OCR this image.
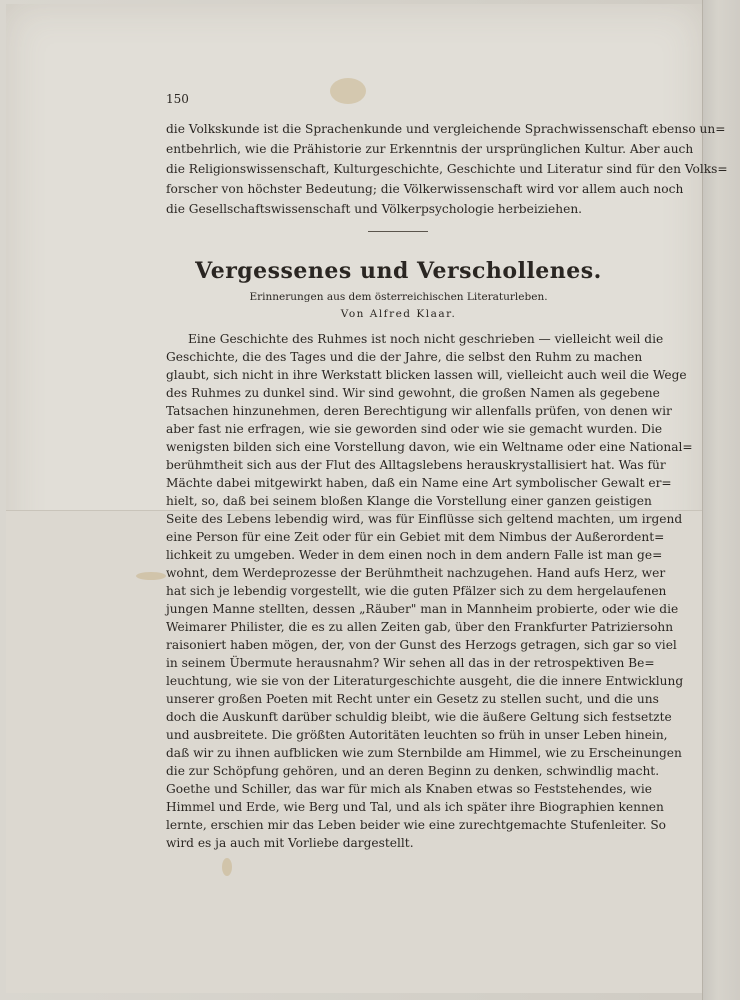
150
die Volkskunde ist die Sprachenkunde und vergleichende Sprachwissenschaft ebenso un=
entbehrlich, wie die Prähistorie zur Erkenntnis der ursprünglichen Kultur. Aber auch
die Religionswissenschaft, Kulturgeschichte, Geschichte und Literatur sind für den Volks=
forscher von höchster Bedeutung; die Völkerwissenschaft wird vor allem auch noch
die Gesellschaftswissenschaft und Völkerpsychologie herbeiziehen.
Vergessenes und Verschollenes.
Erinnerungen aus dem österreichischen Literaturleben.
Von Alfred Klaar.
Eine Geschichte des Ruhmes ist noch nicht geschrieben — vielleicht weil die
Geschichte, die des Tages und die der Jahre, die selbst den Ruhm zu machen
glaubt, sich nicht in ihre Werkstatt blicken lassen will, vielleicht auch weil die Wege
des Ruhmes zu dunkel sind. Wir sind gewohnt, die großen Namen als gegebene
Tatsachen hinzunehmen, deren Berechtigung wir allenfalls prüfen, von denen wir
aber fast nie erfragen, wie sie geworden sind oder wie sie gemacht wurden. Die
wenigsten bilden sich eine Vorstellung davon, wie ein Weltname oder eine National=
berühmtheit sich aus der Flut des Alltagslebens herauskrystallisiert hat. Was für
Mächte dabei mitgewirkt haben, daß ein Name eine Art symbolischer Gewalt er=
hielt, so, daß bei seinem bloßen Klange die Vorstellung einer ganzen geistigen
Seite des Lebens lebendig wird, was für Einflüsse sich geltend machten, um irgend
eine Person für eine Zeit oder für ein Gebiet mit dem Nimbus der Außerordent=
lichkeit zu umgeben. Weder in dem einen noch in dem andern Falle ist man ge=
wohnt, dem Werdeprozesse der Berühmtheit nachzugehen. Hand aufs Herz, wer
hat sich je lebendig vorgestellt, wie die guten Pfälzer sich zu dem hergelaufenen
jungen Manne stellten, dessen „Räuber" man in Mannheim probierte, oder wie die
Weimarer Philister, die es zu allen Zeiten gab, über den Frankfurter Patriziersohn
raisoniert haben mögen, der, von der Gunst des Herzogs getragen, sich gar so viel
in seinem Übermute herausnahm? Wir sehen all das in der retrospektiven Be=
leuchtung, wie sie von der Literaturgeschichte ausgeht, die die innere Entwicklung
unserer großen Poeten mit Recht unter ein Gesetz zu stellen sucht, und die uns
doch die Auskunft darüber schuldig bleibt, wie die äußere Geltung sich festsetzte
und ausbreitete. Die größten Autoritäten leuchten so früh in unser Leben hinein,
daß wir zu ihnen aufblicken wie zum Sternbilde am Himmel, wie zu Erscheinungen
die zur Schöpfung gehören, und an deren Beginn zu denken, schwindlig macht.
Goethe und Schiller, das war für mich als Knaben etwas so Feststehendes, wie
Himmel und Erde, wie Berg und Tal, und als ich später ihre Biographien kennen
lernte, erschien mir das Leben beider wie eine zurechtgemachte Stufenleiter. So
wird es ja auch mit Vorliebe dargestellt.
